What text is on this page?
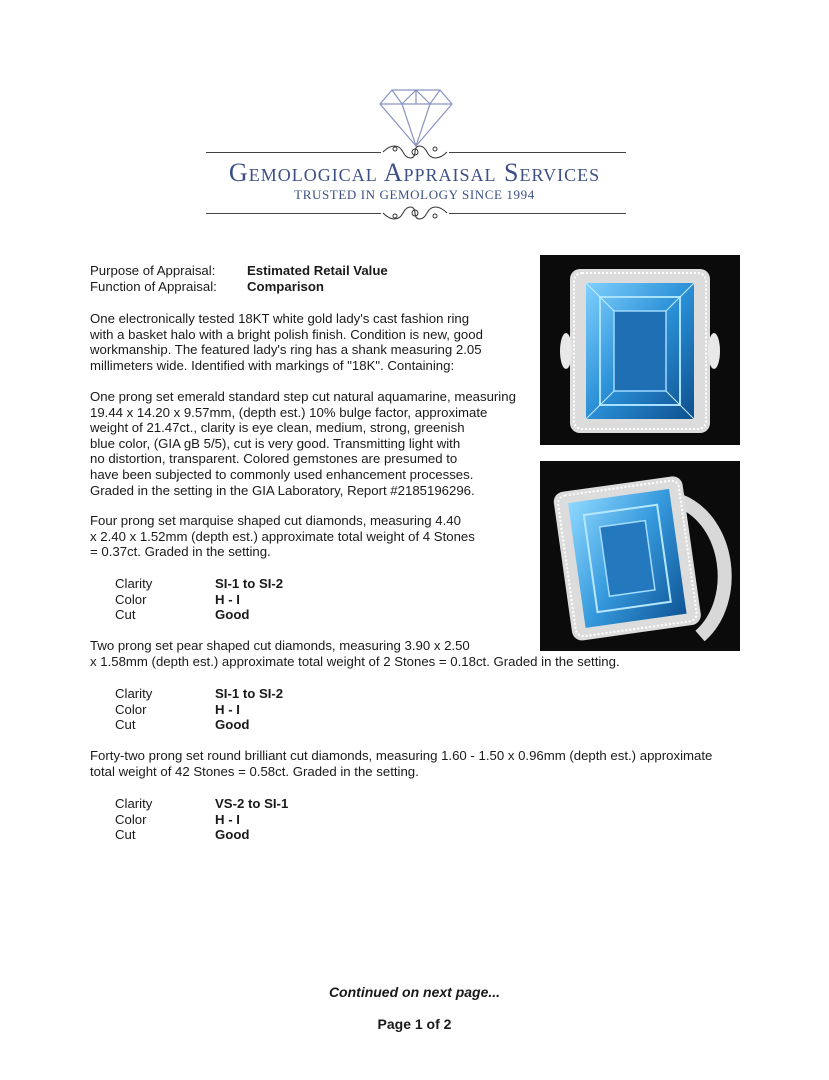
Gemological Appraisal Services
TRUSTED IN GEMOLOGY SINCE 1994
Purpose of Appraisal: Estimated Retail Value
Function of Appraisal: Comparison
One electronically tested 18KT white gold lady's cast fashion ring
with a basket halo with a bright polish finish. Condition is new, good
workmanship. The featured lady's ring has a shank measuring 2.05
millimeters wide. Identified with markings of "18K". Containing:
One prong set emerald standard step cut natural aquamarine, measuring
19.44 x 14.20 x 9.57mm, (depth est.) 10% bulge factor, approximate
weight of 21.47ct., clarity is eye clean, medium, strong, greenish
blue color, (GIA gB 5/5), cut is very good. Transmitting light with
no distortion, transparent. Colored gemstones are presumed to
have been subjected to commonly used enhancement processes.
Graded in the setting in the GIA Laboratory, Report #2185196296.
Four prong set marquise shaped cut diamonds, measuring 4.40
x 2.40 x 1.52mm (depth est.) approximate total weight of 4 Stones
= 0.37ct. Graded in the setting.
Clarity	SI-1 to SI-2
Color	H - I
Cut	Good
Two prong set pear shaped cut diamonds, measuring 3.90 x 2.50
x 1.58mm (depth est.) approximate total weight of 2 Stones = 0.18ct. Graded in the setting.
Clarity	SI-1 to SI-2
Color	H - I
Cut	Good
Forty-two prong set round brilliant cut diamonds, measuring 1.60 - 1.50 x 0.96mm (depth est.) approximate
total weight of 42 Stones = 0.58ct. Graded in the setting.
Clarity	VS-2 to SI-1
Color	H - I
Cut	Good
Continued on next page...
Page 1 of 2
